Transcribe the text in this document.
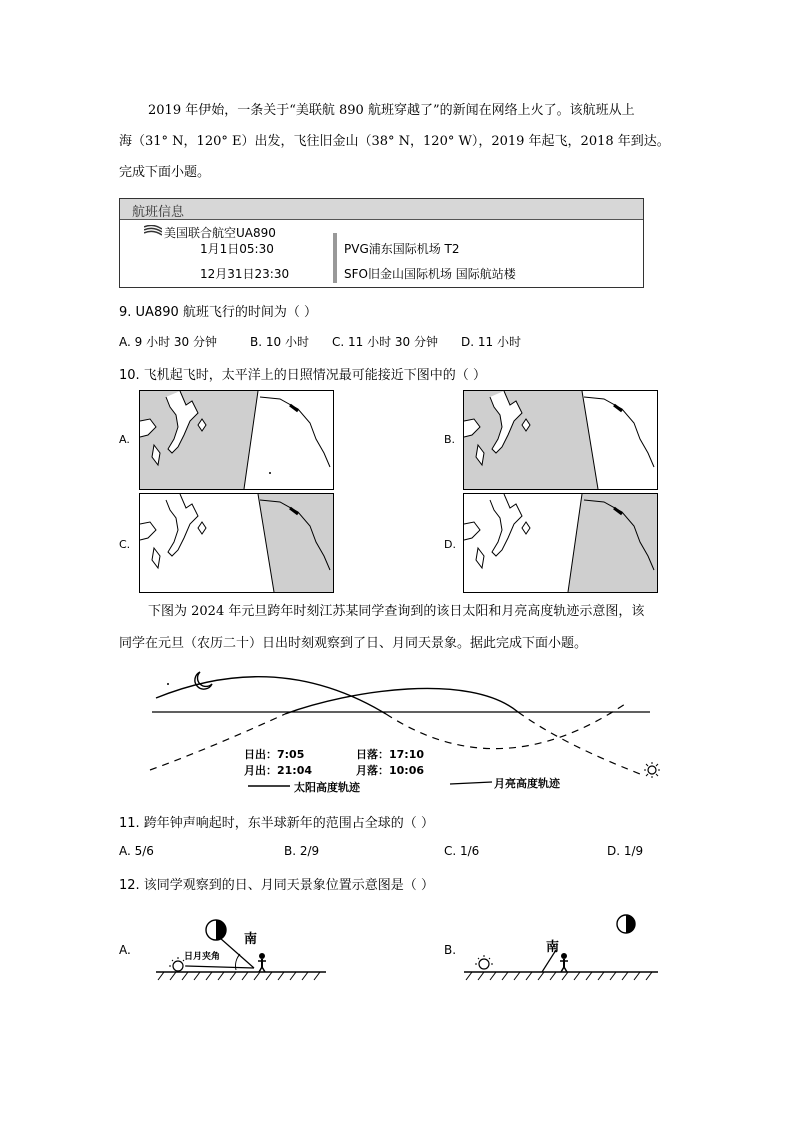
2019 年伊始，一条关于“美联航 890 航班穿越了”的新闻在网络上火了。该航班从上
海（31° N，120° E）出发，飞往旧金山（38° N，120° W），2019 年起飞，2018 年到达。
完成下面小题。
航班信息
美国联合航空UA890
1月1日05:30	PVG浦东国际机场 T2
12月31日23:30	SFO旧金山国际机场 国际航站楼
9. UA890 航班飞行的时间为（ ）
A. 9 小时 30 分钟	B. 10 小时 C. 11 小时 30 分钟 D. 11 小时
10. 飞机起飞时，太平洋上的日照情况最可能接近下图中的（ ）
A.	B.
C.	D.
下图为 2024 年元旦跨年时刻江苏某同学查询到的该日太阳和月亮高度轨迹示意图，该
同学在元旦（农历二十）日出时刻观察到了日、月同天景象。据此完成下面小题。
日出：7:05	日落：17:10
月出：21:04	月落：10:06
太阳高度轨迹	月亮高度轨迹
11. 跨年钟声响起时，东半球新年的范围占全球的（ ）
A. 5/6	B. 2/9	C. 1/6	D. 1/9
12. 该同学观察到的日、月同天景象位置示意图是（ ）
A.
南
日月夹角	B.	南
